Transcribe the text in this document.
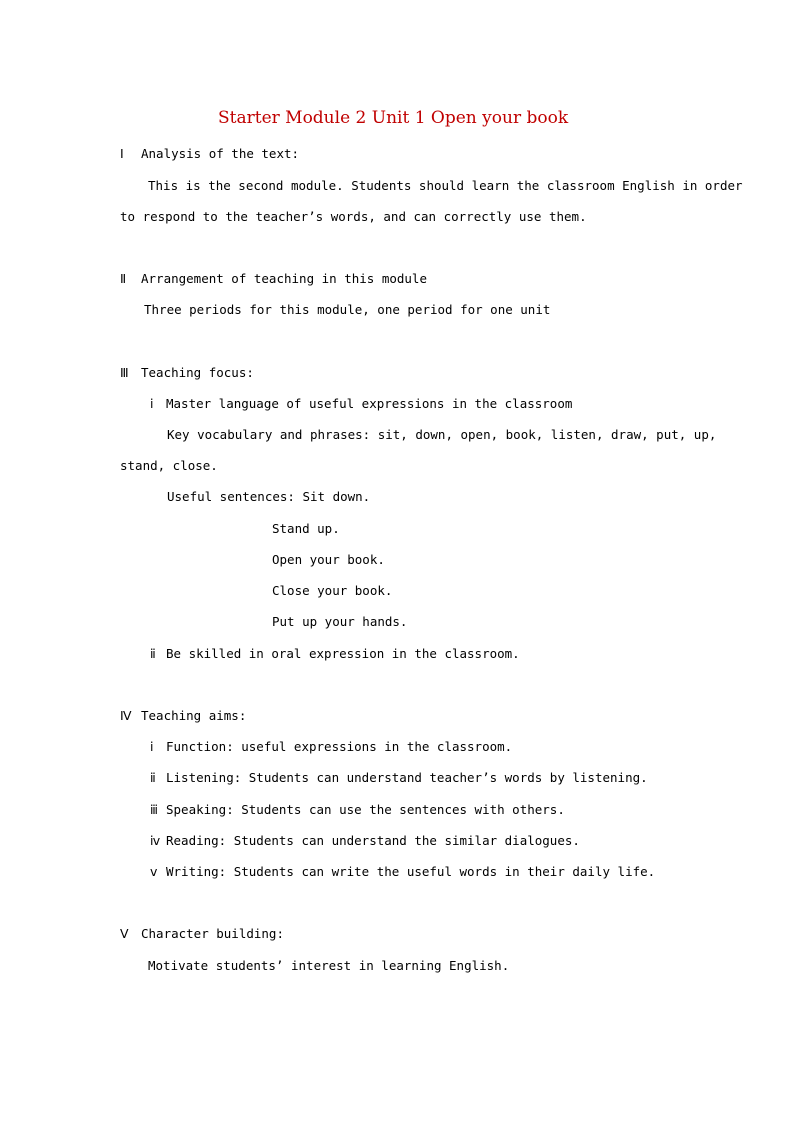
Starter Module 2 Unit 1 Open your book
Ⅰ Analysis of the text:
This is the second module. Students should learn the classroom English in order
to respond to the teacher’s words, and can correctly use them.
Ⅱ Arrangement of teaching in this module
Three periods for this module, one period for one unit
Ⅲ Teaching focus:
ⅰ Master language of useful expressions in the classroom
Key vocabulary and phrases: sit, down, open, book, listen, draw, put, up,
stand, close.
Useful sentences: Sit down.
Stand up.
Open your book.
Close your book.
Put up your hands.
ⅱ Be skilled in oral expression in the classroom.
Ⅳ Teaching aims:
ⅰ Function: useful expressions in the classroom.
ⅱ Listening: Students can understand teacher’s words by listening.
ⅲ Speaking: Students can use the sentences with others.
ⅳ Reading: Students can understand the similar dialogues.
ⅴ Writing: Students can write the useful words in their daily life.
Ⅴ Character building:
Motivate students’ interest in learning English.
